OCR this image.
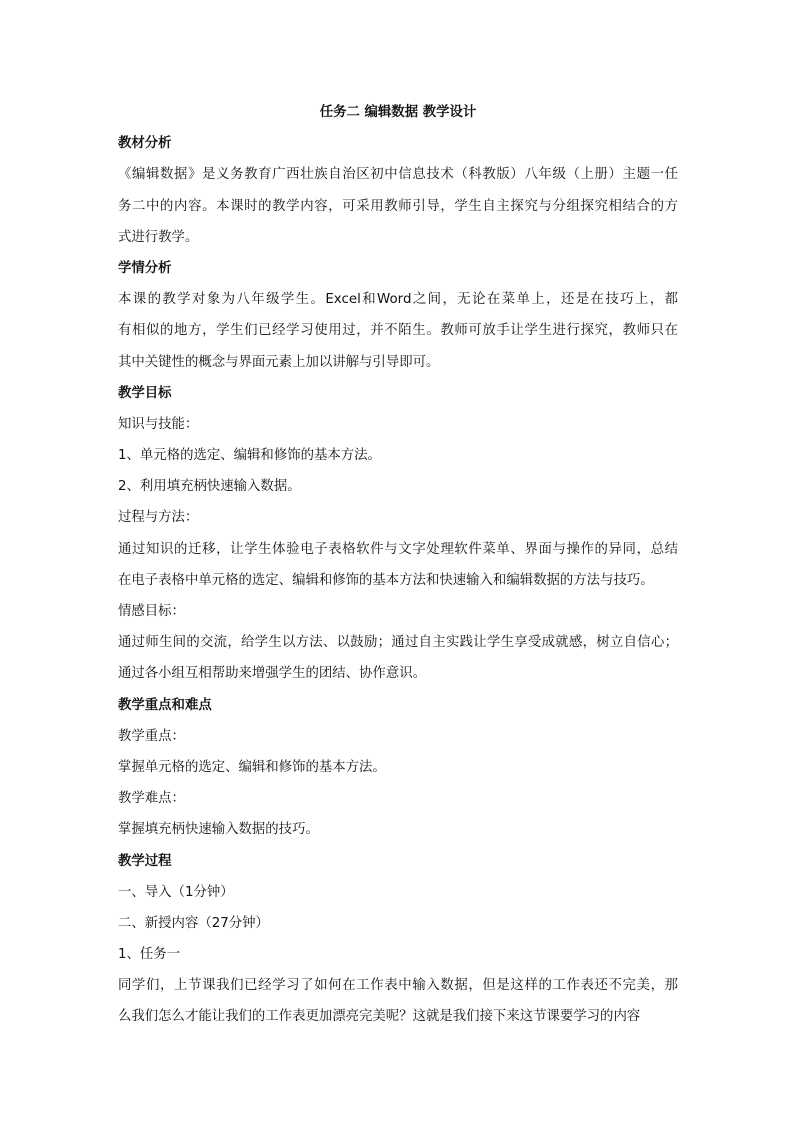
任务二 编辑数据 教学设计
教材分析
《编辑数据》是义务教育广西壮族自治区初中信息技术（科教版）八年级（上册）主题一任
务二中的内容。本课时的教学内容，可采用教师引导，学生自主探究与分组探究相结合的方
式进行教学。
学情分析
本课的教学对象为八年级学生。Excel和Word之间，无论在菜单上，还是在技巧上，都
有相似的地方，学生们已经学习使用过，并不陌生。教师可放手让学生进行探究，教师只在
其中关键性的概念与界面元素上加以讲解与引导即可。
教学目标
知识与技能：
1、单元格的选定、编辑和修饰的基本方法。
2、利用填充柄快速输入数据。
过程与方法：
通过知识的迁移，让学生体验电子表格软件与文字处理软件菜单、界面与操作的异同，总结
在电子表格中单元格的选定、编辑和修饰的基本方法和快速输入和编辑数据的方法与技巧。
情感目标：
通过师生间的交流，给学生以方法、以鼓励；通过自主实践让学生享受成就感，树立自信心；
通过各小组互相帮助来增强学生的团结、协作意识。
教学重点和难点
教学重点：
掌握单元格的选定、编辑和修饰的基本方法。
教学难点：
掌握填充柄快速输入数据的技巧。
教学过程
一、导入（1分钟）
二、新授内容（27分钟）
1、任务一
同学们，上节课我们已经学习了如何在工作表中输入数据，但是这样的工作表还不完美，那
么我们怎么才能让我们的工作表更加漂亮完美呢？这就是我们接下来这节课要学习的内容
